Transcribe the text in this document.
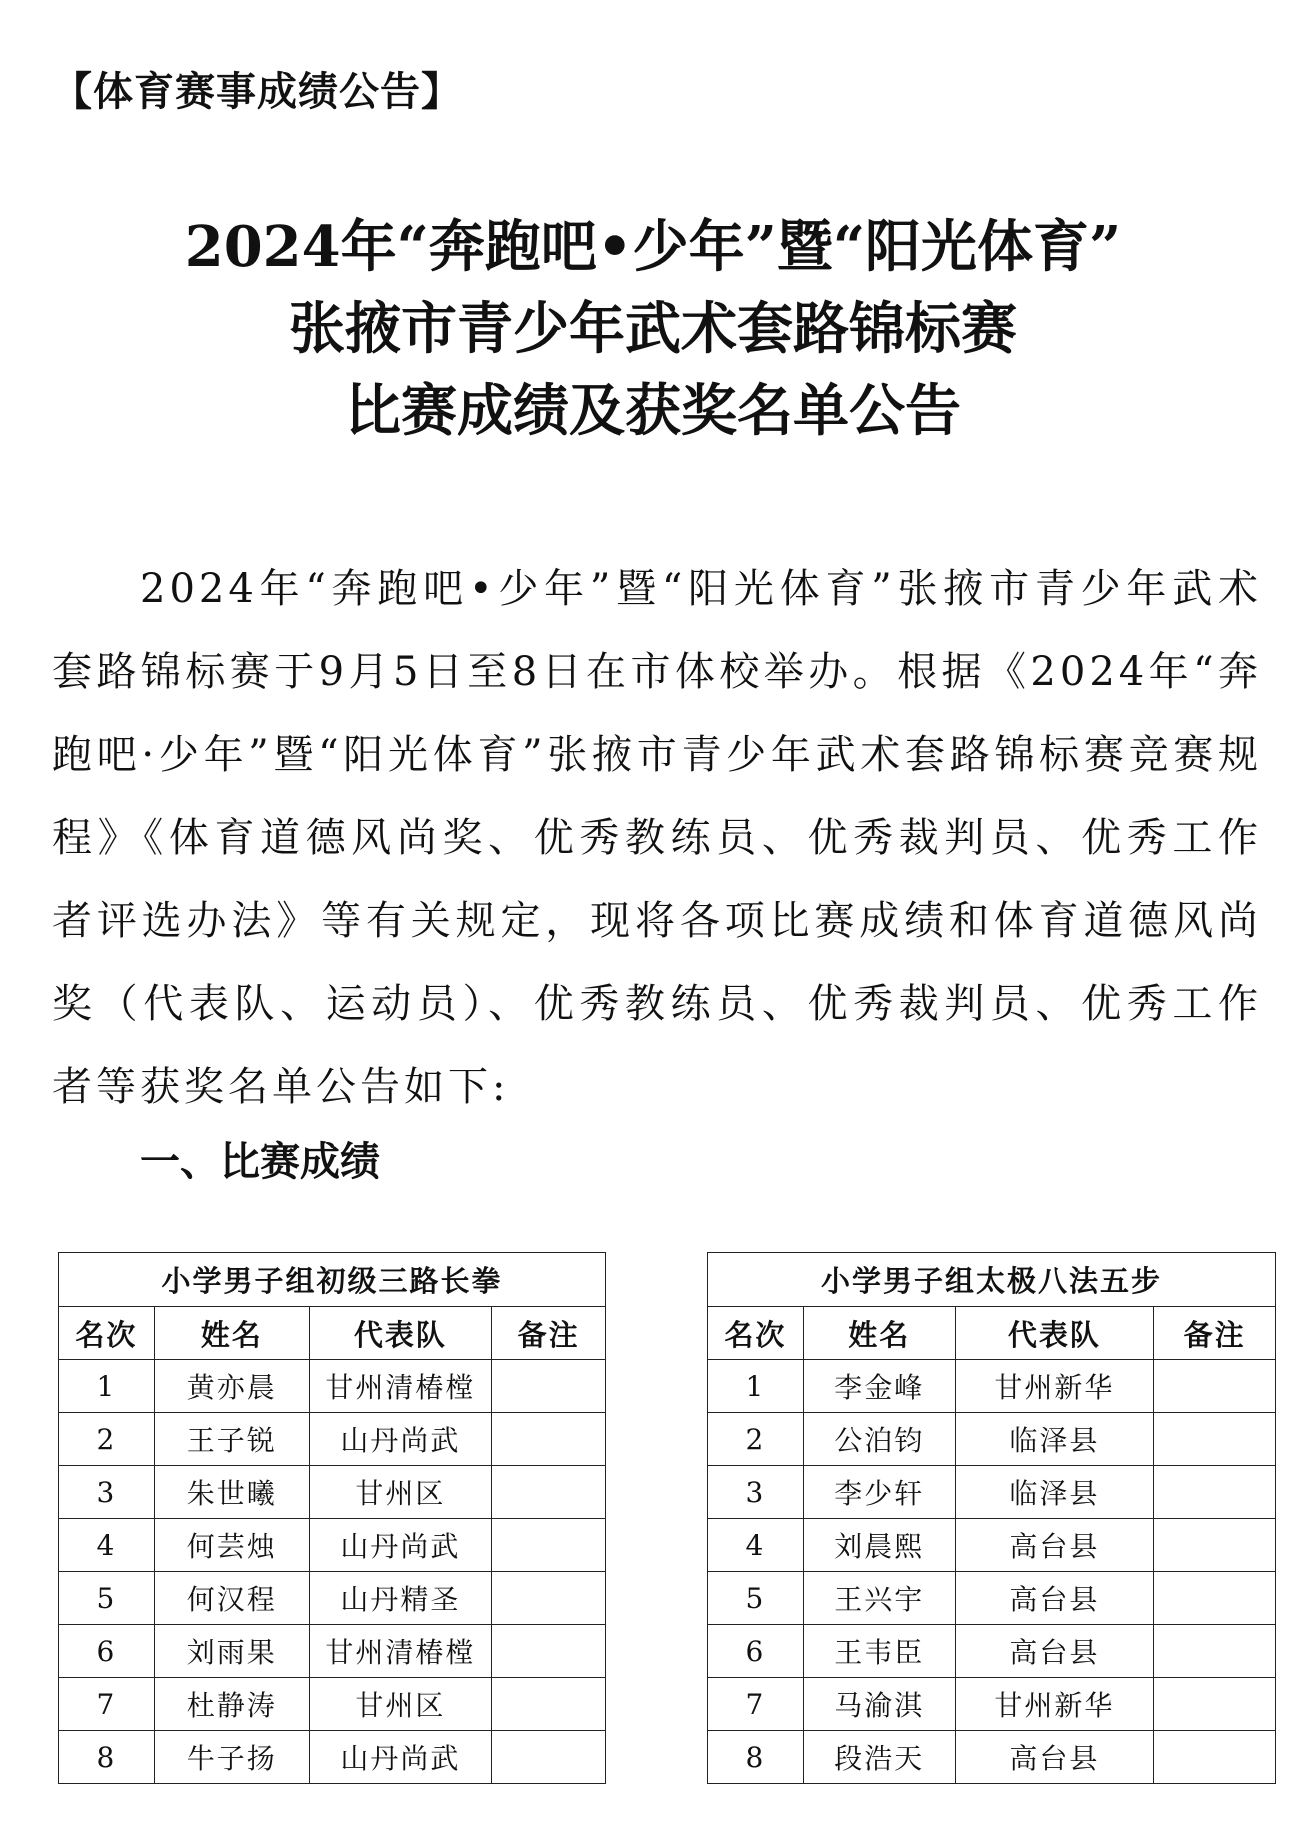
【体育赛事成绩公告】
2024年“奔跑吧•少年”暨“阳光体育”
张掖市青少年武术套路锦标赛
比赛成绩及获奖名单公告
2024年“奔跑吧•少年”暨“阳光体育”张掖市青少年武术套路锦标赛于9月5日至8日在市体校举办。根据《2024年“奔跑吧·少年”暨“阳光体育”张掖市青少年武术套路锦标赛竞赛规程》《体育道德风尚奖、优秀教练员、优秀裁判员、优秀工作者评选办法》等有关规定，现将各项比赛成绩和体育道德风尚奖（代表队、运动员）、优秀教练员、优秀裁判员、优秀工作者等获奖名单公告如下:
一、比赛成绩
小学男子组初级三路长拳			
名次	姓名	代表队	备注
1	黄亦晨	甘州清椿樘	
2	王子锐	山丹尚武	
3	朱世曦	甘州区	
4	何芸烛	山丹尚武	
5	何汉程	山丹精圣	
6	刘雨果	甘州清椿樘	
7	杜静涛	甘州区	
8	牛子扬	山丹尚武	
小学男子组太极八法五步			
名次	姓名	代表队	备注
1	李金峰	甘州新华	
2	公泊钧	临泽县	
3	李少轩	临泽县	
4	刘晨熙	高台县	
5	王兴宇	高台县	
6	王韦臣	高台县	
7	马渝淇	甘州新华	
8	段浩天	高台县	
